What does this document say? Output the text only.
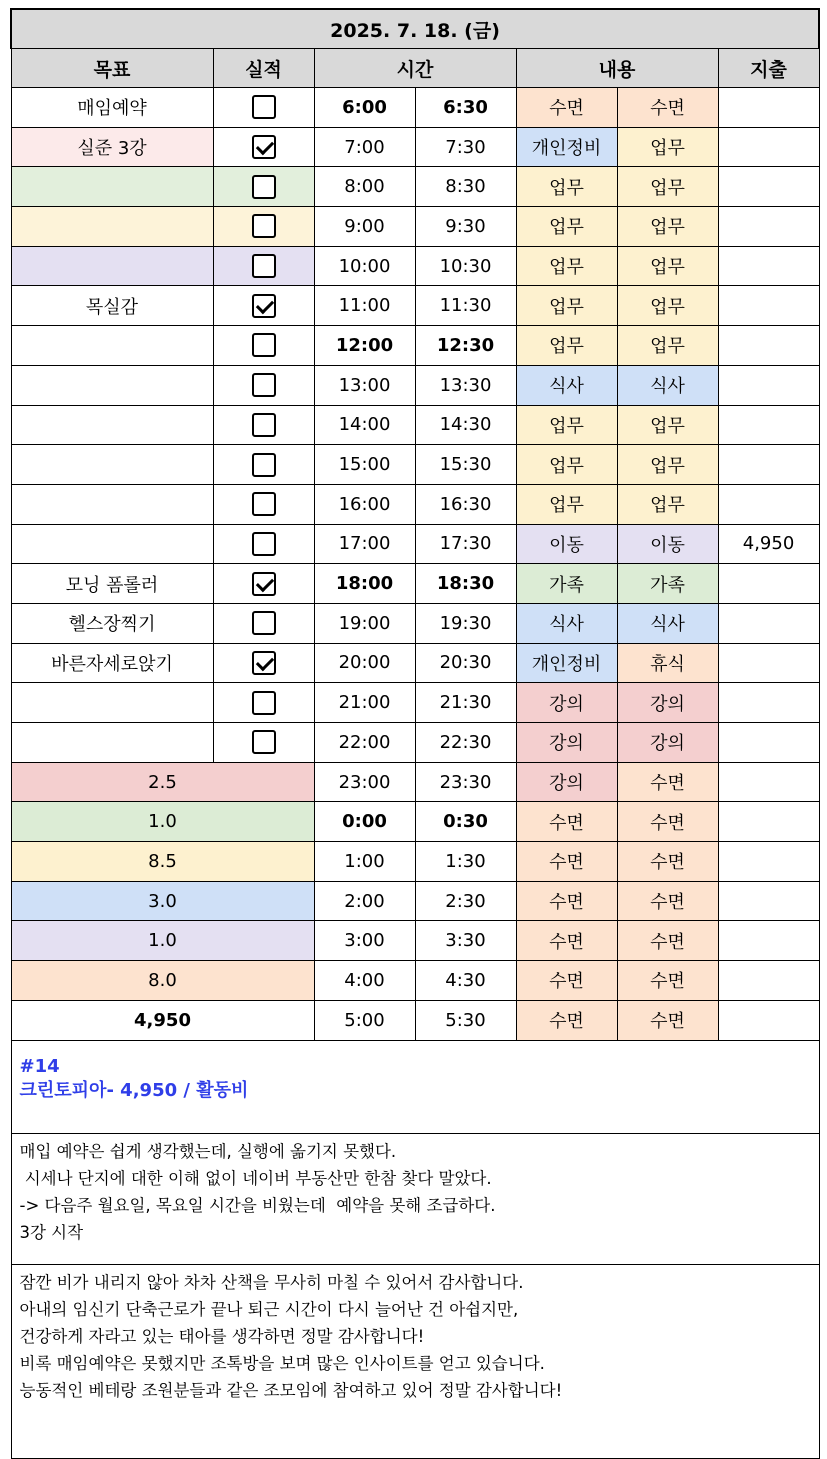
2025. 7. 18. (금)						
목표	실적	시간		내용		지출
매임예약		6:00	6:30	수면	수면	
실준 3강		7:00	7:30	개인정비	업무	
		8:00	8:30	업무	업무	
		9:00	9:30	업무	업무	
		10:00	10:30	업무	업무	
목실감		11:00	11:30	업무	업무	
		12:00	12:30	업무	업무	
		13:00	13:30	식사	식사	
		14:00	14:30	업무	업무	
		15:00	15:30	업무	업무	
		16:00	16:30	업무	업무	
		17:00	17:30	이동	이동	4,950
모닝 폼롤러		18:00	18:30	가족	가족	
헬스장찍기		19:00	19:30	식사	식사	
바른자세로앉기		20:00	20:30	개인정비	휴식	
		21:00	21:30	강의	강의	
		22:00	22:30	강의	강의	
2.5		23:00	23:30	강의	수면	
1.0		0:00	0:30	수면	수면	
8.5		1:00	1:30	수면	수면	
3.0		2:00	2:30	수면	수면	
1.0		3:00	3:30	수면	수면	
8.0		4:00	4:30	수면	수면	
4,950		5:00	5:30	수면	수면	

#14
크린토피아- 4,950 / 활동비						

매입 예약은 쉽게 생각했는데, 실행에 옮기지 못했다.
시세나 단지에 대한 이해 없이 네이버 부동산만 한참 찾다 말았다.
-> 다음주 월요일, 목요일 시간을 비웠는데  예약을 못해 조급하다.
3강 시작						

잠깐 비가 내리지 않아 차차 산책을 무사히 마칠 수 있어서 감사합니다.
아내의 임신기 단축근로가 끝나 퇴근 시간이 다시 늘어난 건 아쉽지만,
건강하게 자라고 있는 태아를 생각하면 정말 감사합니다!
비록 매임예약은 못했지만 조톡방을 보며 많은 인사이트를 얻고 있습니다.
능동적인 베테랑 조원분들과 같은 조모임에 참여하고 있어 정말 감사합니다!						
